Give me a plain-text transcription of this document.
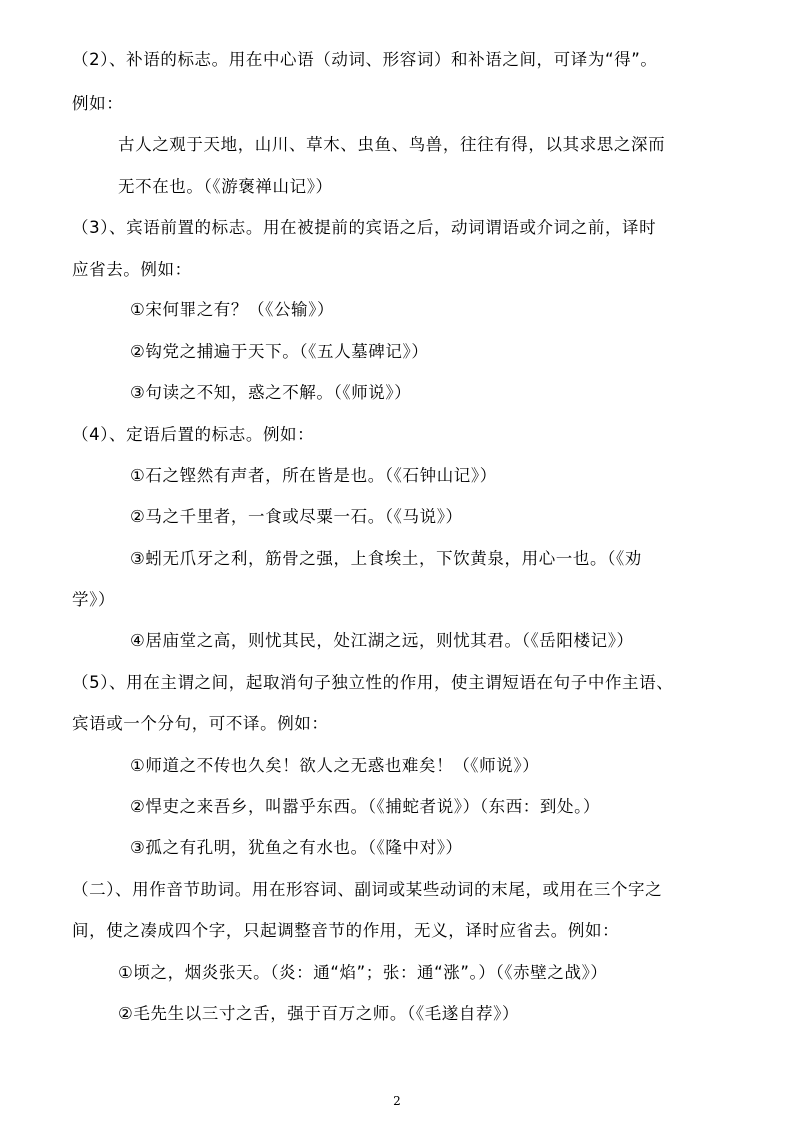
（2）、补语的标志。用在中心语（动词、形容词）和补语之间，可译为“得”。
例如：
古人之观于天地，山川、草木、虫鱼、鸟兽，往往有得，以其求思之深而
无不在也。（《游褒禅山记》）
（3）、宾语前置的标志。用在被提前的宾语之后，动词谓语或介词之前，译时
应省去。例如：
①宋何罪之有？（《公输》）
②钩党之捕遍于天下。（《五人墓碑记》）
③句读之不知，惑之不解。（《师说》）
（4）、定语后置的标志。例如：
①石之铿然有声者，所在皆是也。（《石钟山记》）
②马之千里者，一食或尽粟一石。（《马说》）
③蚓无爪牙之利，筋骨之强，上食埃土，下饮黄泉，用心一也。（《劝
学》）
④居庙堂之高，则忧其民，处江湖之远，则忧其君。（《岳阳楼记》）
（5）、用在主谓之间，起取消句子独立性的作用，使主谓短语在句子中作主语、
宾语或一个分句，可不译。例如：
①师道之不传也久矣！欲人之无惑也难矣！（《师说》）
②悍吏之来吾乡，叫嚣乎东西。（《捕蛇者说》）（东西：到处。）
③孤之有孔明，犹鱼之有水也。（《隆中对》）
（二）、用作音节助词。用在形容词、副词或某些动词的末尾，或用在三个字之
间，使之凑成四个字，只起调整音节的作用，无义，译时应省去。例如：
①顷之，烟炎张天。（炎：通“焰”；张：通“涨”。）（《赤壁之战》）
②毛先生以三寸之舌，强于百万之师。（《毛遂自荐》）
2
